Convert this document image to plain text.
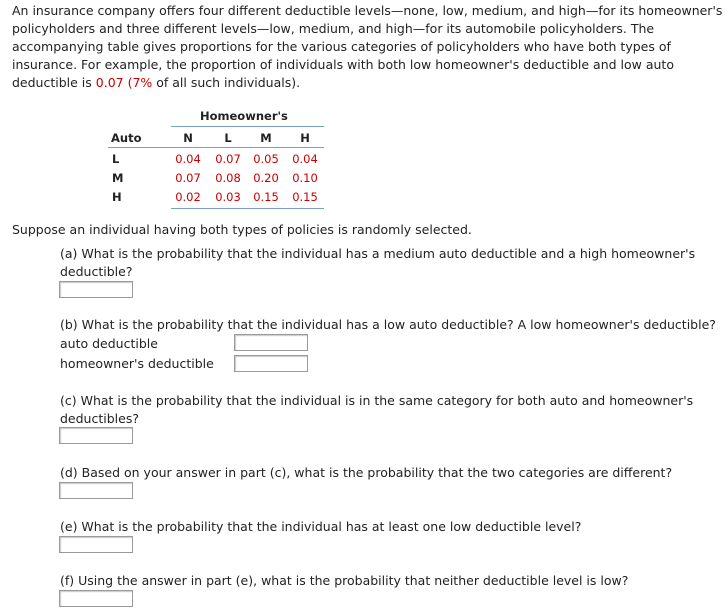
An insurance company offers four different deductible levels—none, low, medium, and high—for its homeowner's policyholders and three different levels—low, medium, and high—for its automobile policyholders. The accompanying table gives proportions for the various categories of policyholders who have both types of insurance. For example, the proportion of individuals with both low homeowner's deductible and low auto deductible is 0.07 (7% of all such individuals).

Homeowner's
Auto	N	L	M	H
L	0.04	0.07	0.05	0.04
M	0.07	0.08	0.20	0.10
H	0.02	0.03	0.15	0.15

Suppose an individual having both types of policies is randomly selected.

(a) What is the probability that the individual has a medium auto deductible and a high homeowner's deductible?

(b) What is the probability that the individual has a low auto deductible? A low homeowner's deductible?

auto deductible

homeowner's deductible

(c) What is the probability that the individual is in the same category for both auto and homeowner's deductibles?

(d) Based on your answer in part (c), what is the probability that the two categories are different?

(e) What is the probability that the individual has at least one low deductible level?

(f) Using the answer in part (e), what is the probability that neither deductible level is low?
